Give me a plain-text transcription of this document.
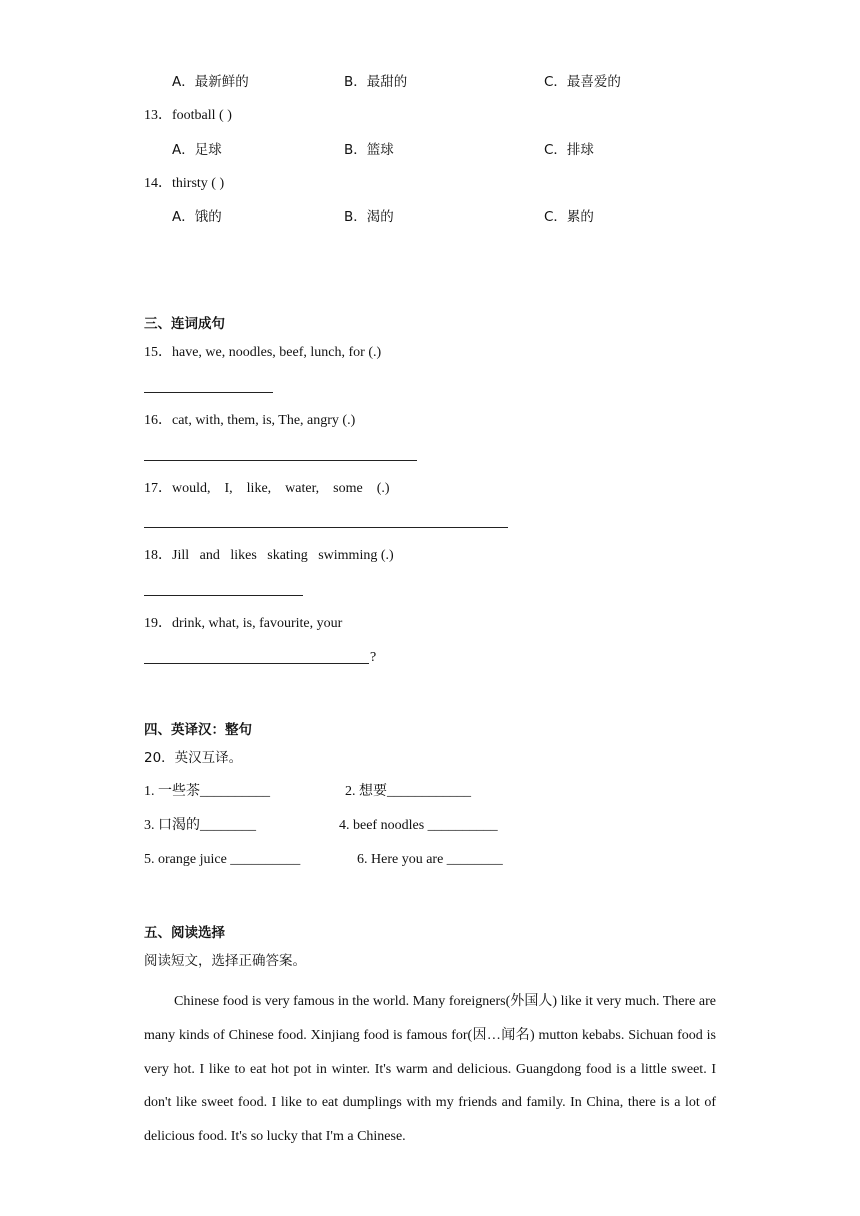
A．最新鲜的	B．最甜的	C．最喜爱的
13．football ( )
A．足球	B．篮球	C．排球
14．thirsty ( )
A．饿的	B．渴的	C．累的
三、连词成句
15．have, we, noodles, beef, lunch, for (.)
16．cat, with, them, is, The, angry (.)
17．would,    I,    like,    water,    some    (.)
18．Jill   and   likes   skating   swimming (.)
19．drink, what, is, favourite, your
?
四、英译汉：整句
20．英汉互译。
1. 一些茶__________	2. 想要____________
3. 口渴的________	4. beef noodles __________
5. orange juice __________	6. Here you are ________
五、阅读选择
阅读短文，选择正确答案。
Chinese food is very famous in the world. Many foreigners(外国人) like it very much. There are many kinds of Chinese food. Xinjiang food is famous for(因…闻名) mutton kebabs. Sichuan food is very hot. I like to eat hot pot in winter. It's warm and delicious. Guangdong food is a little sweet. I don't like sweet food. I like to eat dumplings with my friends and family. In China, there is a lot of delicious food. It's so lucky that I'm a Chinese.
